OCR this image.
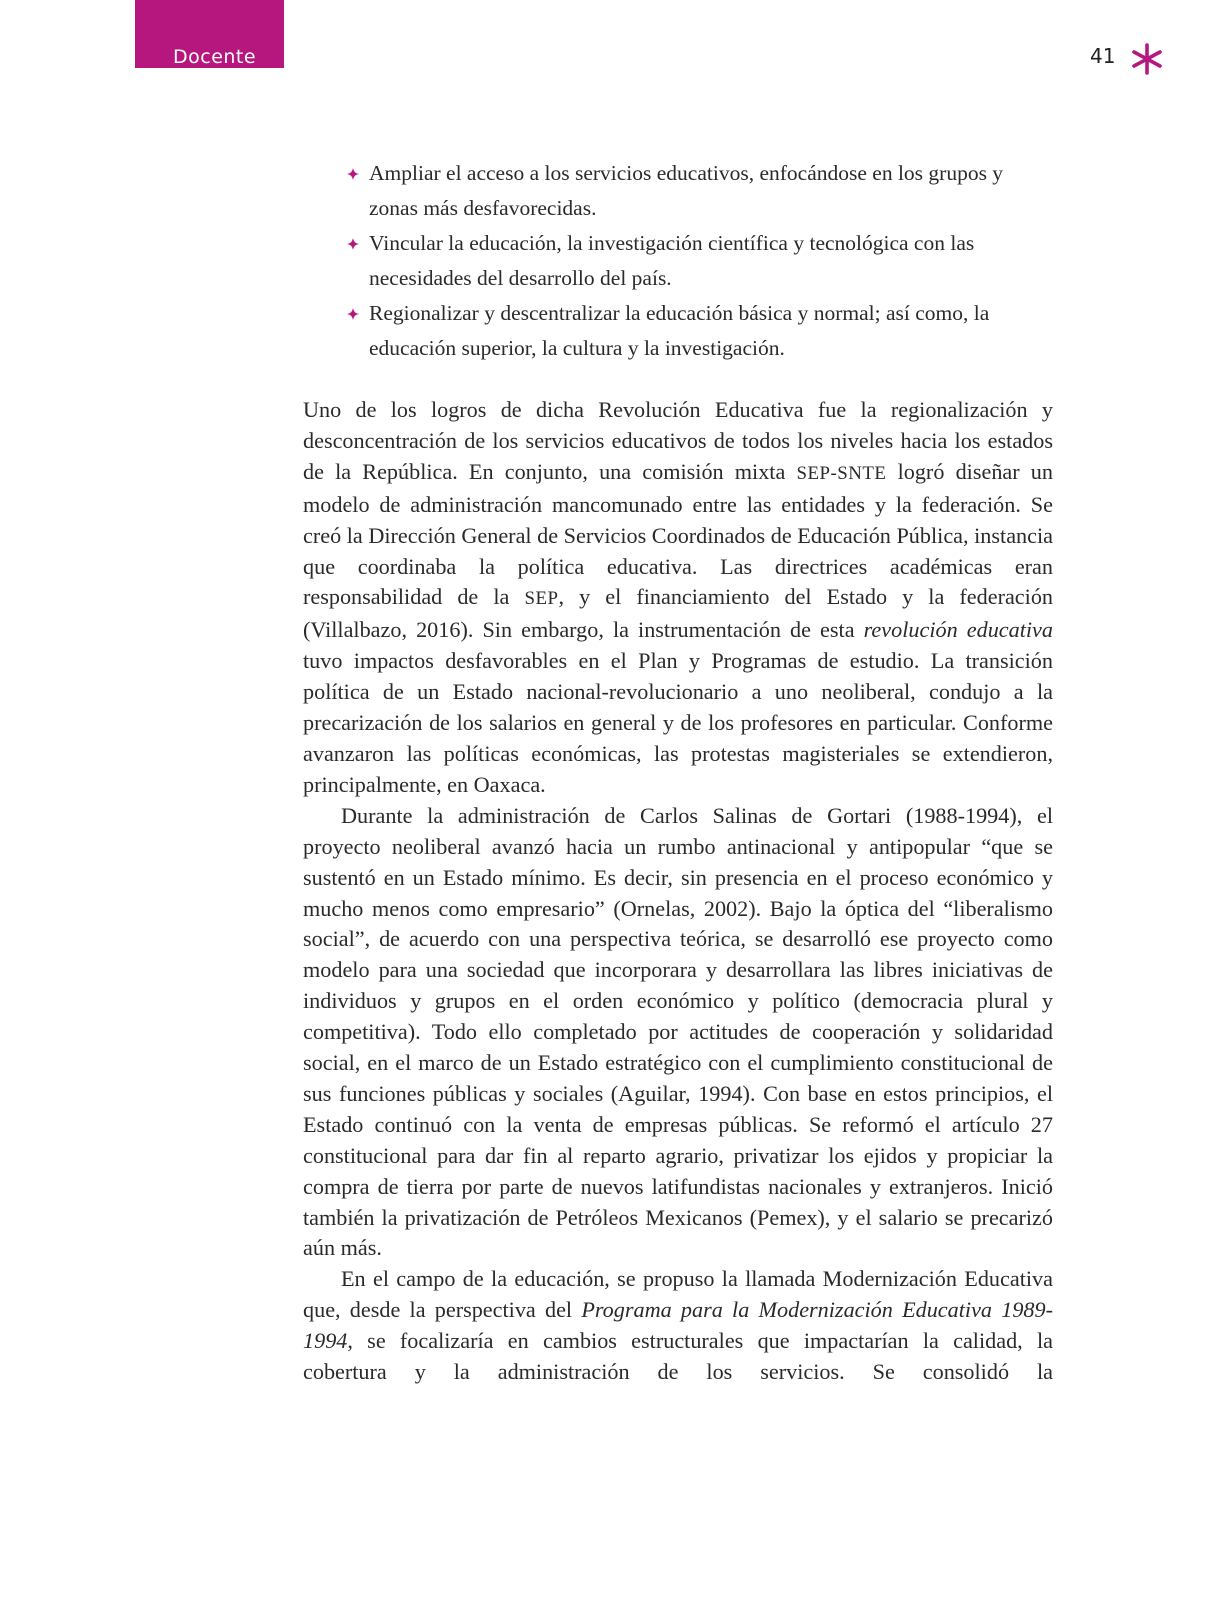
Docente	41
Ampliar el acceso a los servicios educativos, enfocándose en los grupos y zonas más desfavorecidas.
Vincular la educación, la investigación científica y tecnológica con las necesidades del desarrollo del país.
Regionalizar y descentralizar la educación básica y normal; así como, la educación superior, la cultura y la investigación.

Uno de los logros de dicha Revolución Educativa fue la regionalización y desconcentración de los servicios educativos de todos los niveles hacia los estados de la República. En conjunto, una comisión mixta SEP-SNTE logró diseñar un modelo de administración mancomunado entre las entidades y la federación. Se creó la Dirección General de Servicios Coordinados de Educación Pública, instancia que coordinaba la política educativa. Las directrices académicas eran responsabilidad de la SEP, y el financiamiento del Estado y la federación (Villalbazo, 2016). Sin embargo, la instrumentación de esta revolución educativa tuvo impactos desfavorables en el Plan y Programas de estudio. La transición política de un Estado nacional-revolucionario a uno neoliberal, condujo a la precarización de los salarios en general y de los profesores en particular. Conforme avanzaron las políticas económicas, las protestas magisteriales se extendieron, principalmente, en Oaxaca.

Durante la administración de Carlos Salinas de Gortari (1988-1994), el proyecto neoliberal avanzó hacia un rumbo antinacional y antipopular “que se sustentó en un Estado mínimo. Es decir, sin presencia en el proceso económico y mucho menos como empresario” (Ornelas, 2002). Bajo la óptica del “liberalismo social”, de acuerdo con una perspectiva teórica, se desarrolló ese proyecto como modelo para una sociedad que incorporara y desarrollara las libres iniciativas de individuos y grupos en el orden económico y político (democracia plural y competitiva). Todo ello completado por actitudes de cooperación y solidaridad social, en el marco de un Estado estratégico con el cumplimiento constitucional de sus funciones públicas y sociales (Aguilar, 1994). Con base en estos principios, el Estado continuó con la venta de empresas públicas. Se reformó el artículo 27 constitucional para dar fin al reparto agrario, privatizar los ejidos y propiciar la compra de tierra por parte de nuevos latifundistas nacionales y extranjeros. Inició también la privatización de Petróleos Mexicanos (Pemex), y el salario se precarizó aún más.

En el campo de la educación, se propuso la llamada Modernización Educativa que, desde la perspectiva del Programa para la Modernización Educativa 1989-1994, se focalizaría en cambios estructurales que impactarían la calidad, la cobertura y la administración de los servicios. Se consolidó la
